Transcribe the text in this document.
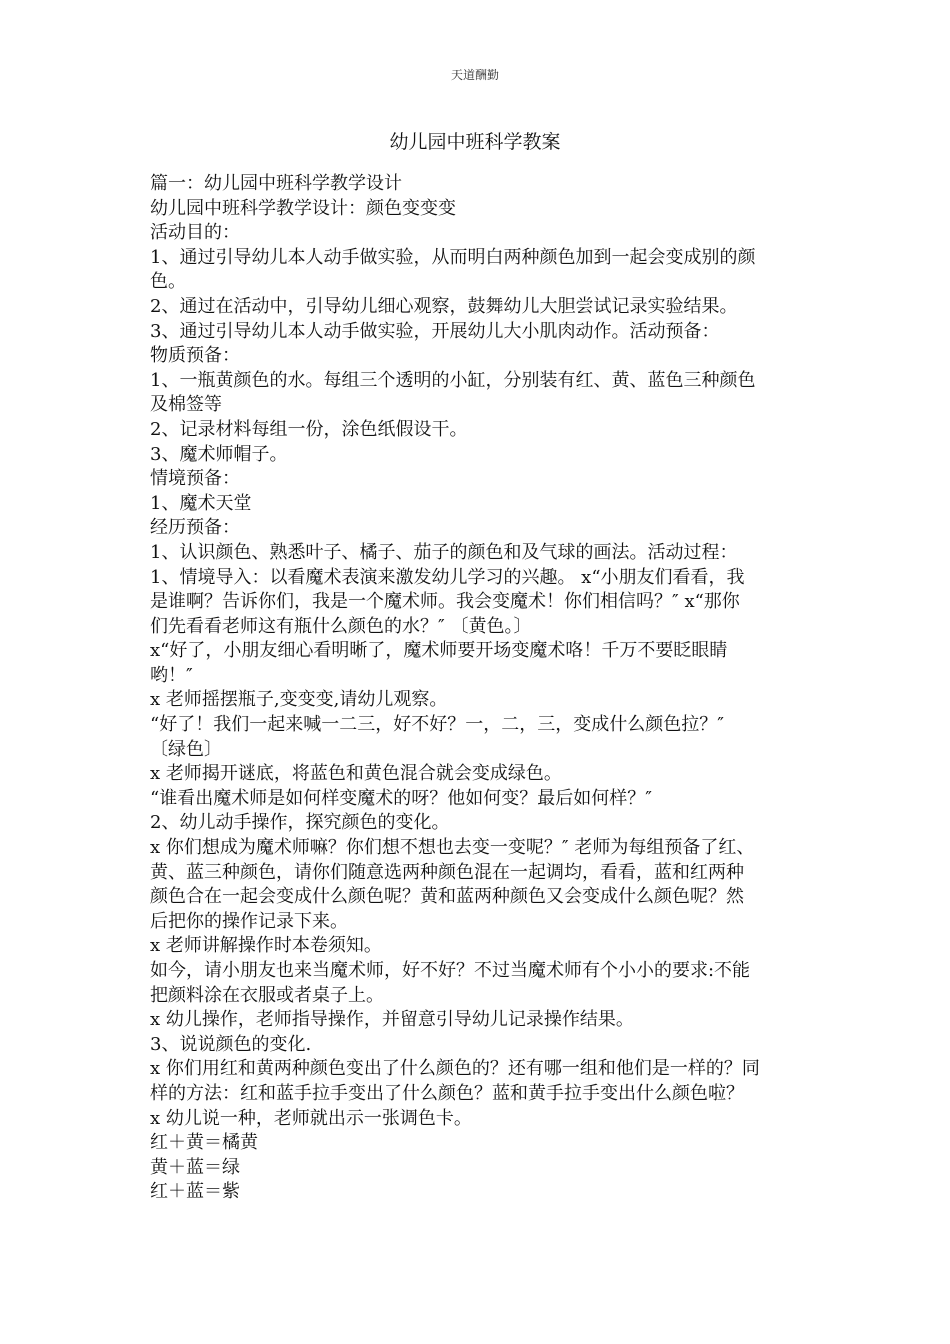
天道酬勤
幼儿园中班科学教案

篇一：幼儿园中班科学教学设计

幼儿园中班科学教学设计：颜色变变变

活动目的：

1、通过引导幼儿本人动手做实验，从而明白两种颜色加到一起会变成别的颜

色。

2、通过在活动中，引导幼儿细心观察，鼓舞幼儿大胆尝试记录实验结果。

3、通过引导幼儿本人动手做实验，开展幼儿大小肌肉动作。活动预备：

物质预备：

1、一瓶黄颜色的水。每组三个透明的小缸，分别装有红、黄、蓝色三种颜色

及棉签等

2、记录材料每组一份，涂色纸假设干。

3、魔术师帽子。

情境预备：

1、魔术天堂

经历预备：

1、认识颜色、熟悉叶子、橘子、茄子的颜色和及气球的画法。活动过程：

1、情境导入：以看魔术表演来激发幼儿学习的兴趣。 x“小朋友们看看，我

是谁啊？告诉你们，我是一个魔术师。我会变魔术！你们相信吗？″ x“那你

们先看看老师这有瓶什么颜色的水？″ 〔黄色。〕

x“好了，小朋友细心看明晰了，魔术师要开场变魔术咯！千万不要眨眼睛

哟！″

x 老师摇摆瓶子,变变变,请幼儿观察。

“好了！我们一起来喊一二三，好不好？一，二，三，变成什么颜色拉？″

〔绿色〕

x 老师揭开谜底，将蓝色和黄色混合就会变成绿色。

“谁看出魔术师是如何样变魔术的呀？他如何变？最后如何样？″

2、幼儿动手操作，探究颜色的变化。

x 你们想成为魔术师嘛？你们想不想也去变一变呢？″ 老师为每组预备了红、

黄、蓝三种颜色，请你们随意选两种颜色混在一起调均，看看，蓝和红两种

颜色合在一起会变成什么颜色呢？黄和蓝两种颜色又会变成什么颜色呢？然

后把你的操作记录下来。

x 老师讲解操作时本卷须知。

如今，请小朋友也来当魔术师，好不好？不过当魔术师有个小小的要求:不能

把颜料涂在衣服或者桌子上。

x 幼儿操作，老师指导操作，并留意引导幼儿记录操作结果。

3、说说颜色的变化.

x 你们用红和黄两种颜色变出了什么颜色的？还有哪一组和他们是一样的？同

样的方法：红和蓝手拉手变出了什么颜色？蓝和黄手拉手变出什么颜色啦？

x 幼儿说一种，老师就出示一张调色卡。

红＋黄＝橘黄

黄＋蓝＝绿

红＋蓝＝紫
